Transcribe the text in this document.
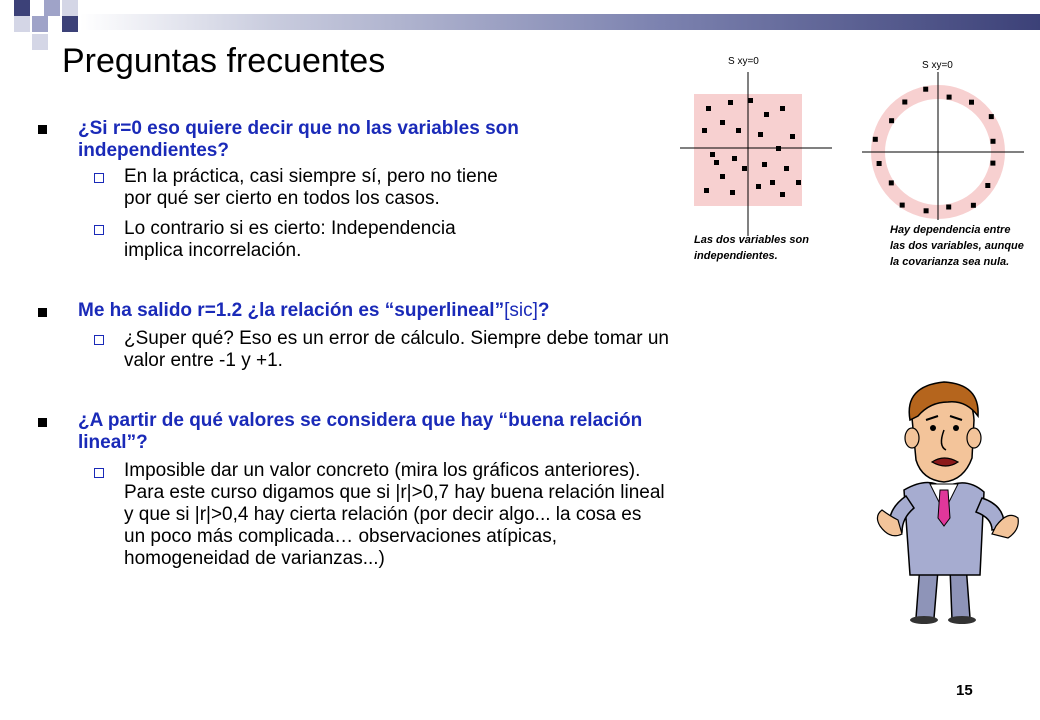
Preguntas frecuentes
¿Si r=0 eso quiere decir que no las variables son
independientes?
En la práctica, casi siempre sí, pero no tiene
por qué ser cierto en todos los casos.
Lo contrario si es cierto: Independencia
implica incorrelación.
Me ha salido r=1.2 ¿la relación es “superlineal”[sic]?
¿Super qué? Eso es un error de cálculo. Siempre debe tomar un
valor entre -1 y +1.
¿A partir de qué valores se considera que hay “buena relación
lineal”?
Imposible dar un valor concreto (mira los gráficos anteriores).
Para este curso digamos que si |r|>0,7 hay buena relación lineal
y que si |r|>0,4 hay cierta relación (por decir algo... la cosa es
un poco más complicada… observaciones atípicas,
homogeneidad de varianzas...)
S xy=0
Las dos variables son
independientes.
S xy=0
Hay dependencia entre
las dos variables, aunque
la covarianza sea nula.
15
